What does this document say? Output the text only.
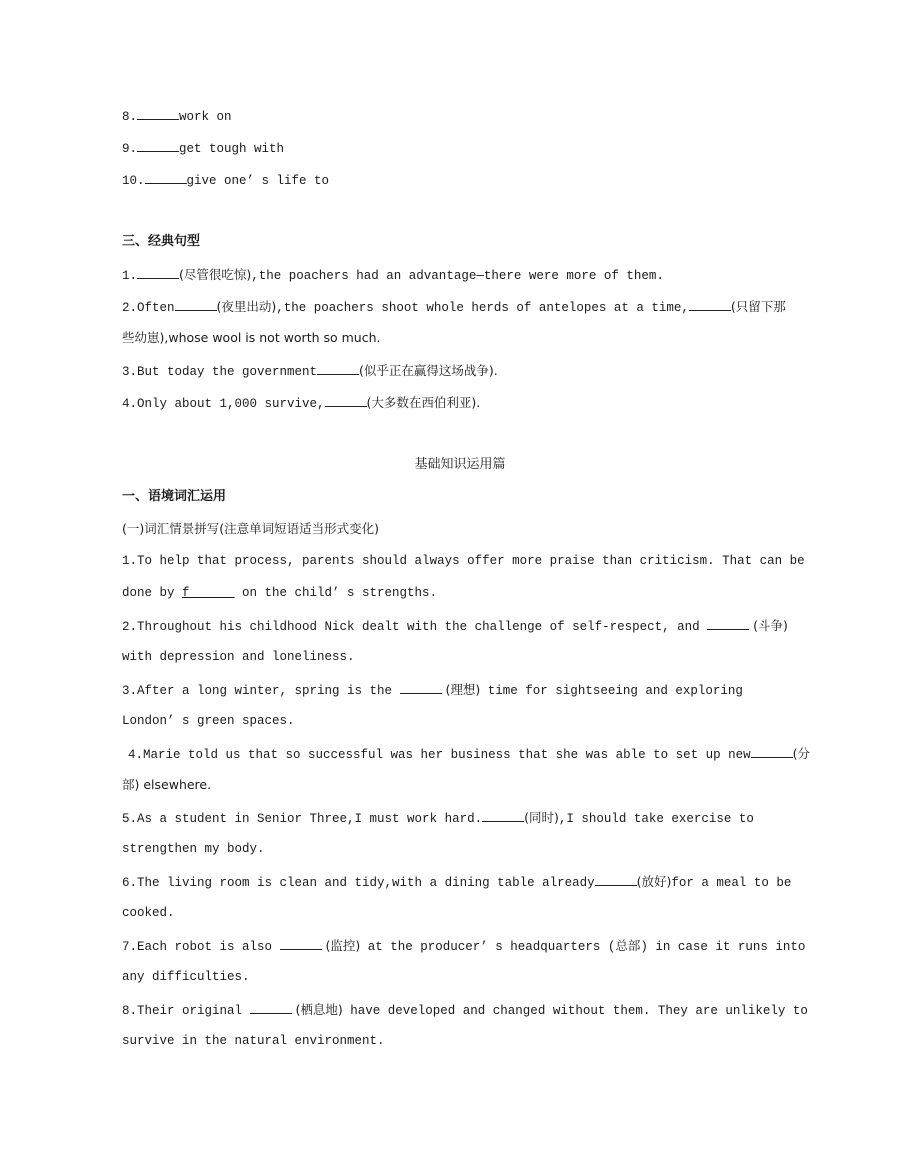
8.	work on
9.	get tough with
10.	give one’ s life to
三、经典句型
1.	(尽管很吃惊),the poachers had an advantage—there were more of them.
2.Often	(夜里出动),the poachers shoot whole herds of antelopes at a time,	(只留下那
些幼崽),whose wool is not worth so much.
3.But today the government	(似乎正在赢得这场战争).
4.Only about 1,000 survive,	(大多数在西伯利亚).
基础知识运用篇
一、语境词汇运用
(一)词汇情景拼写(注意单词短语适当形式变化)
1.To help that process, parents should always offer more praise than criticism. That can be
done by f______ on the child’ s strengths.
2.Throughout his childhood Nick dealt with the challenge of self-respect, and	(斗争)
with depression and loneliness.
3.After a long winter, spring is the	(理想) time for sightseeing and exploring
London’ s green spaces.
4.Marie told us that so successful was her business that she was able to set up new	(分
部) elsewhere.
5.As a student in Senior Three,I must work hard.	(同时),I should take exercise to
strengthen my body.
6.The living room is clean and tidy,with a dining table already	(放好)for a meal to be
cooked.
7.Each robot is also	(监控) at the producer’ s headquarters (总部) in case it runs into
any difficulties.
8.Their original	(栖息地) have developed and changed without them. They are unlikely to
survive in the natural environment.
